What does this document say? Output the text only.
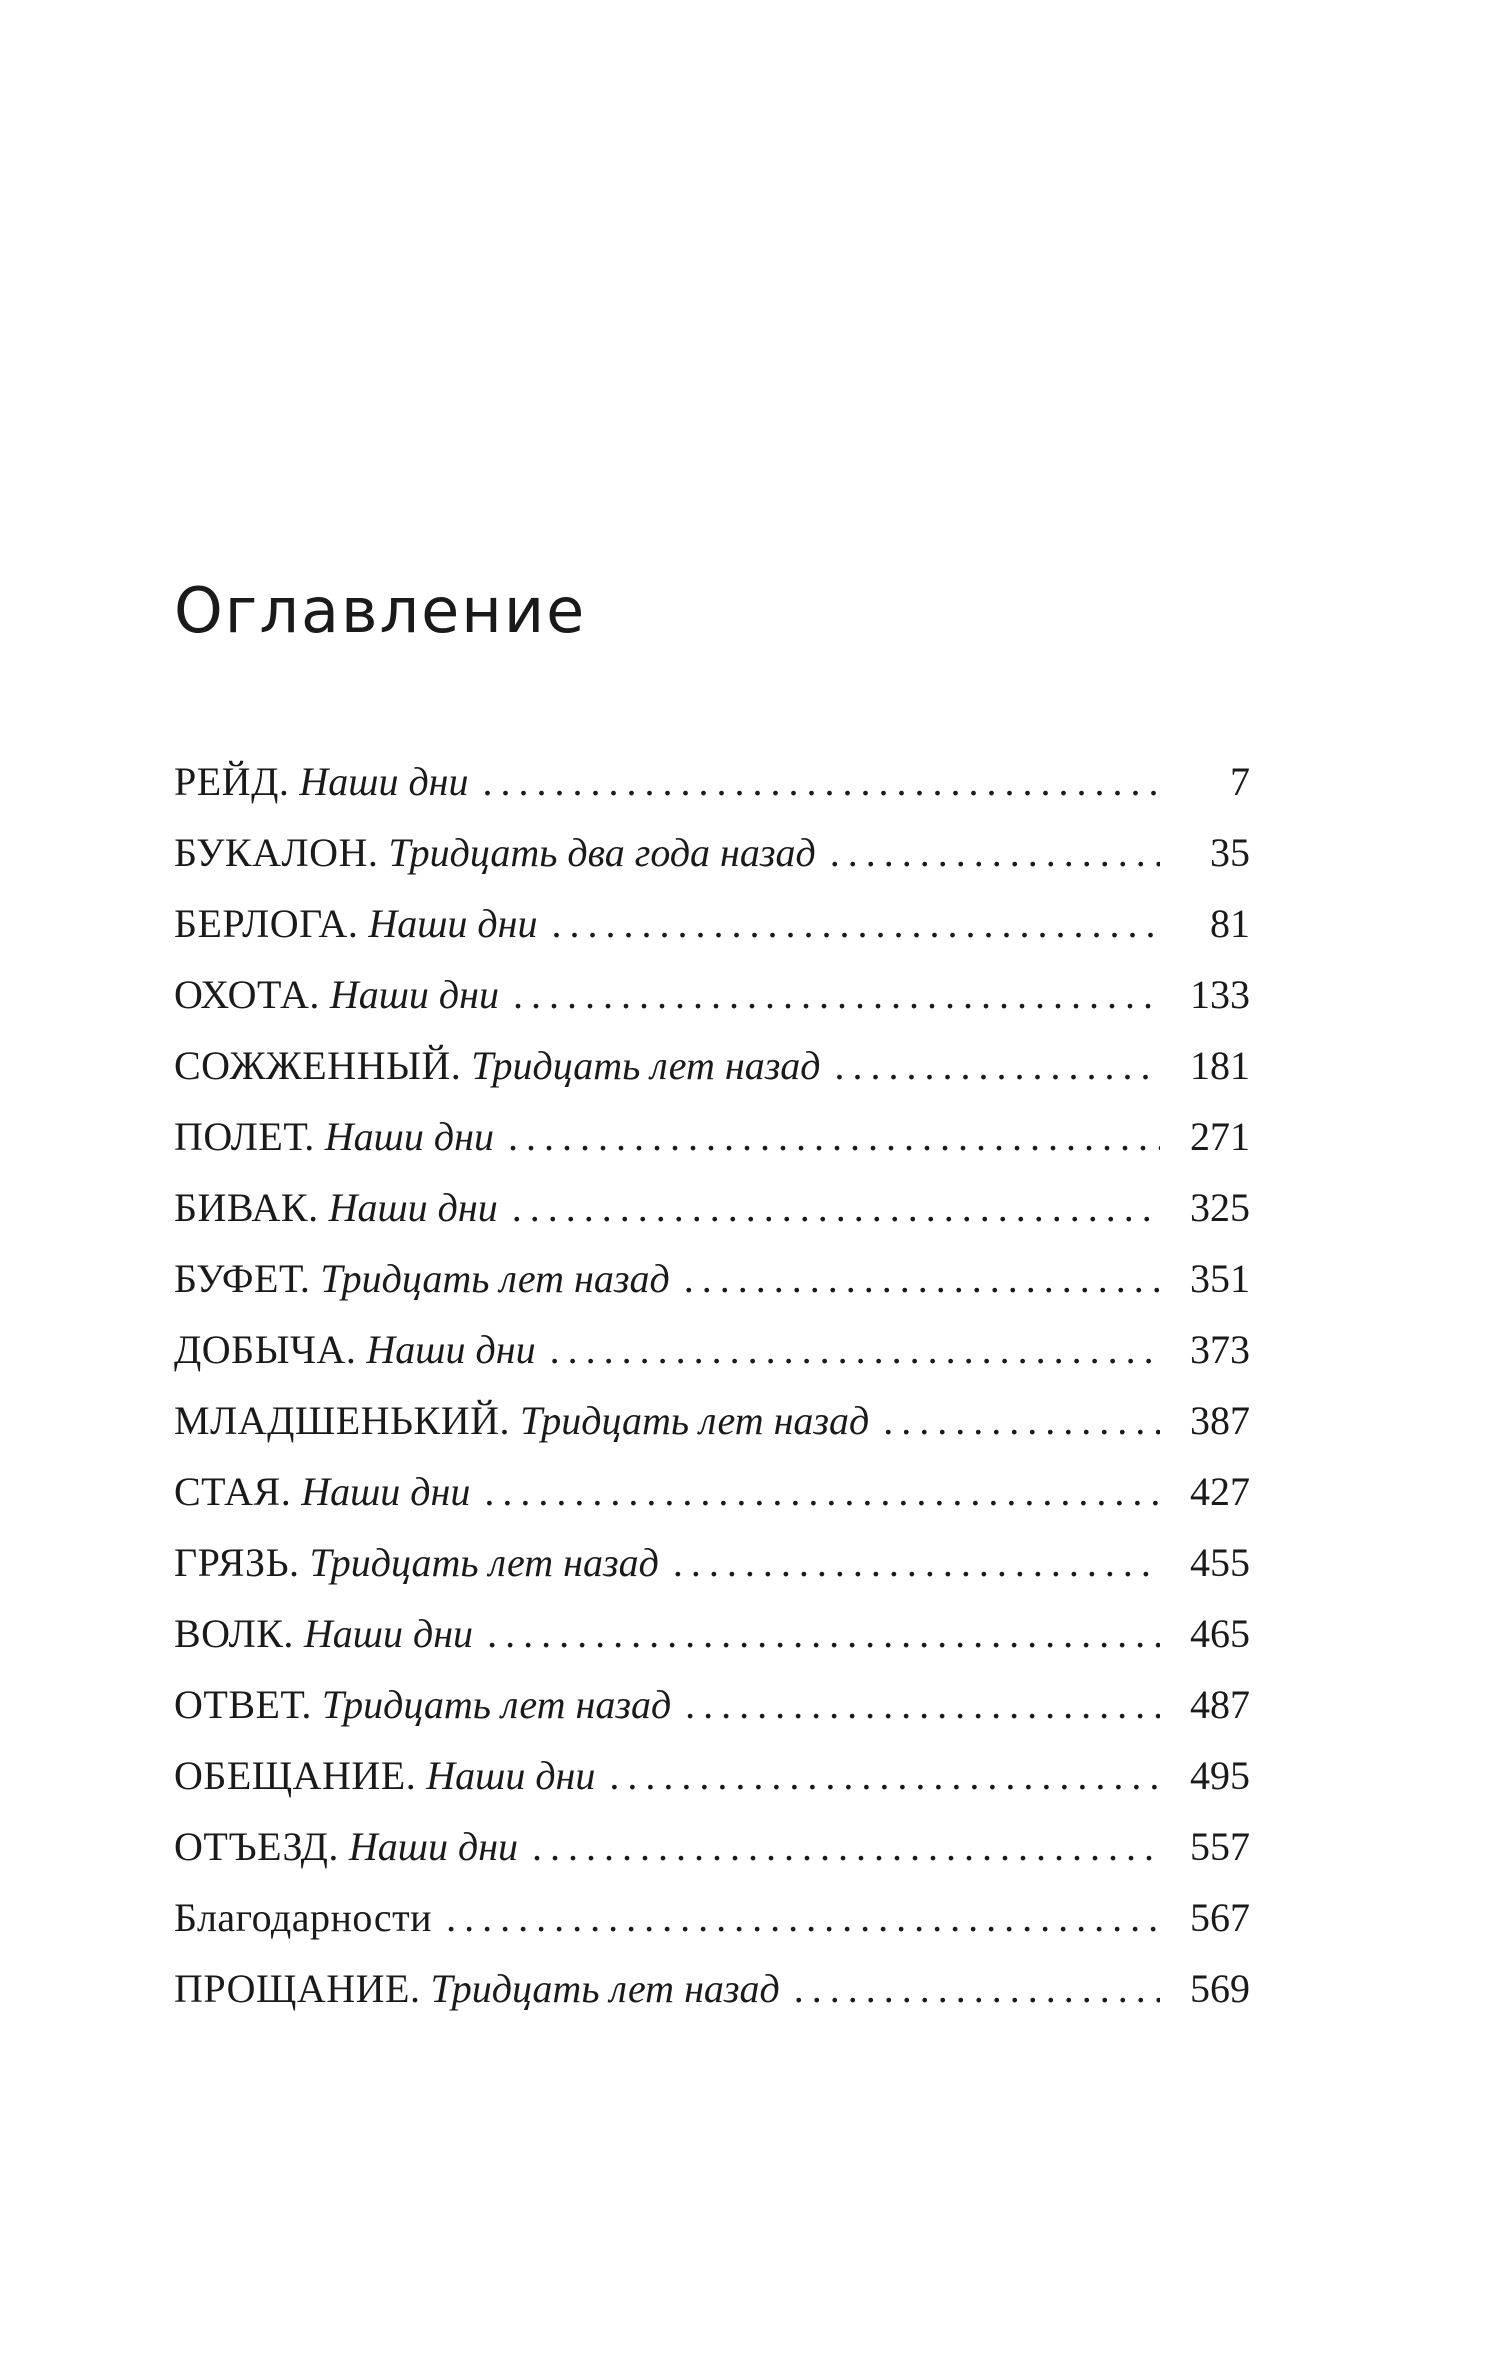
Оглавление
РЕЙД. Наши дни . . .	7
БУКАЛОН. Тридцать два года назад . . .	35
БЕРЛОГА. Наши дни . . .	81
ОХОТА. Наши дни . . .	133
СОЖЖЕННЫЙ. Тридцать лет назад . . .	181
ПОЛЕТ. Наши дни . . .	271
БИВАК. Наши дни . . .	325
БУФЕТ. Тридцать лет назад . . .	351
ДОБЫЧА. Наши дни . . .	373
МЛАДШЕНЬКИЙ. Тридцать лет назад . . .	387
СТАЯ. Наши дни . . .	427
ГРЯЗЬ. Тридцать лет назад . . .	455
ВОЛК. Наши дни . . .	465
ОТВЕТ. Тридцать лет назад . . .	487
ОБЕЩАНИЕ. Наши дни . . .	495
ОТЪЕЗД. Наши дни . . .	557
Благодарности . . .	567
ПРОЩАНИЕ. Тридцать лет назад . . .	569
